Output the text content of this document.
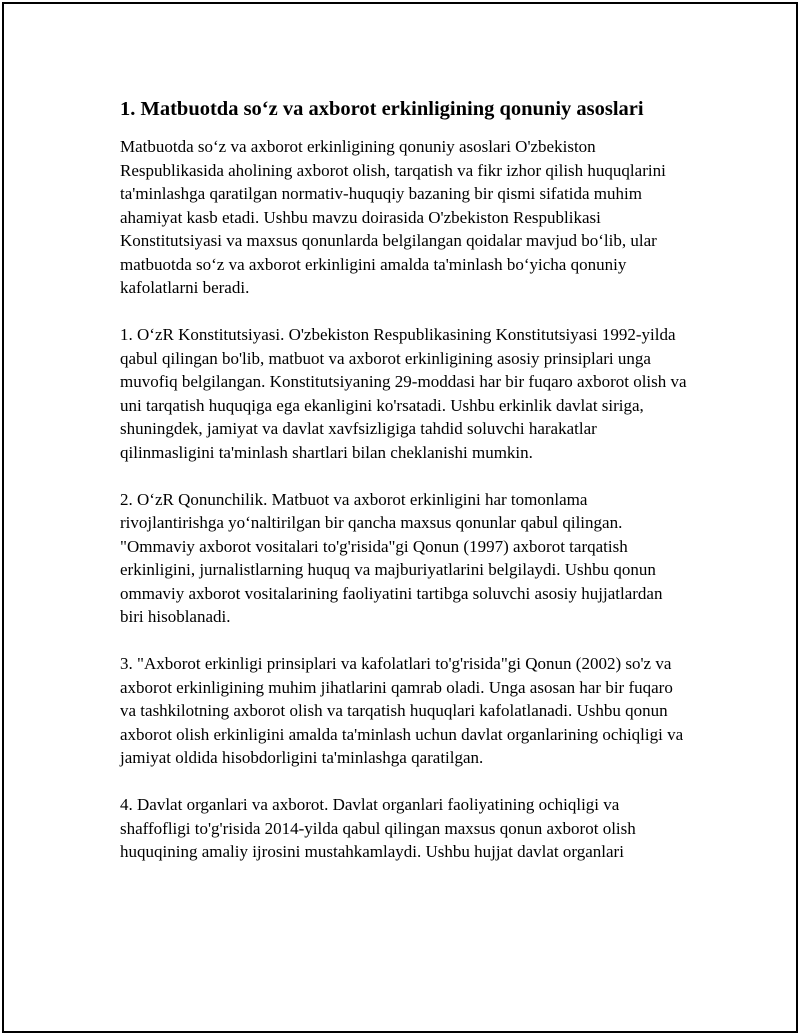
1. Matbuotda so‘z va axborot erkinligining qonuniy asoslari

Matbuotda so‘z va axborot erkinligining qonuniy asoslari O'zbekiston Respublikasida aholining axborot olish, tarqatish va fikr izhor qilish huquqlarini ta'minlashga qaratilgan normativ-huquqiy bazaning bir qismi sifatida muhim ahamiyat kasb etadi. Ushbu mavzu doirasida O'zbekiston Respublikasi Konstitutsiyasi va maxsus qonunlarda belgilangan qoidalar mavjud bo‘lib, ular matbuotda so‘z va axborot erkinligini amalda ta'minlash bo‘yicha qonuniy kafolatlarni beradi.

1. O‘zR Konstitutsiyasi. O'zbekiston Respublikasining Konstitutsiyasi 1992-yilda qabul qilingan bo'lib, matbuot va axborot erkinligining asosiy prinsiplari unga muvofiq belgilangan. Konstitutsiyaning 29-moddasi har bir fuqaro axborot olish va uni tarqatish huquqiga ega ekanligini ko'rsatadi. Ushbu erkinlik davlat siriga, shuningdek, jamiyat va davlat xavfsizligiga tahdid soluvchi harakatlar qilinmasligini ta'minlash shartlari bilan cheklanishi mumkin.

2. O‘zR Qonunchilik. Matbuot va axborot erkinligini har tomonlama rivojlantirishga yo‘naltirilgan bir qancha maxsus qonunlar qabul qilingan. "Ommaviy axborot vositalari to'g'risida"gi Qonun (1997) axborot tarqatish erkinligini, jurnalistlarning huquq va majburiyatlarini belgilaydi. Ushbu qonun ommaviy axborot vositalarining faoliyatini tartibga soluvchi asosiy hujjatlardan biri hisoblanadi.

3. "Axborot erkinligi prinsiplari va kafolatlari to'g'risida"gi Qonun (2002) so'z va axborot erkinligining muhim jihatlarini qamrab oladi. Unga asosan har bir fuqaro va tashkilotning axborot olish va tarqatish huquqlari kafolatlanadi. Ushbu qonun axborot olish erkinligini amalda ta'minlash uchun davlat organlarining ochiqligi va jamiyat oldida hisobdorligini ta'minlashga qaratilgan.

4. Davlat organlari va axborot. Davlat organlari faoliyatining ochiqligi va shaffofligi to'g'risida 2014-yilda qabul qilingan maxsus qonun axborot olish huquqining amaliy ijrosini mustahkamlaydi. Ushbu hujjat davlat organlari
